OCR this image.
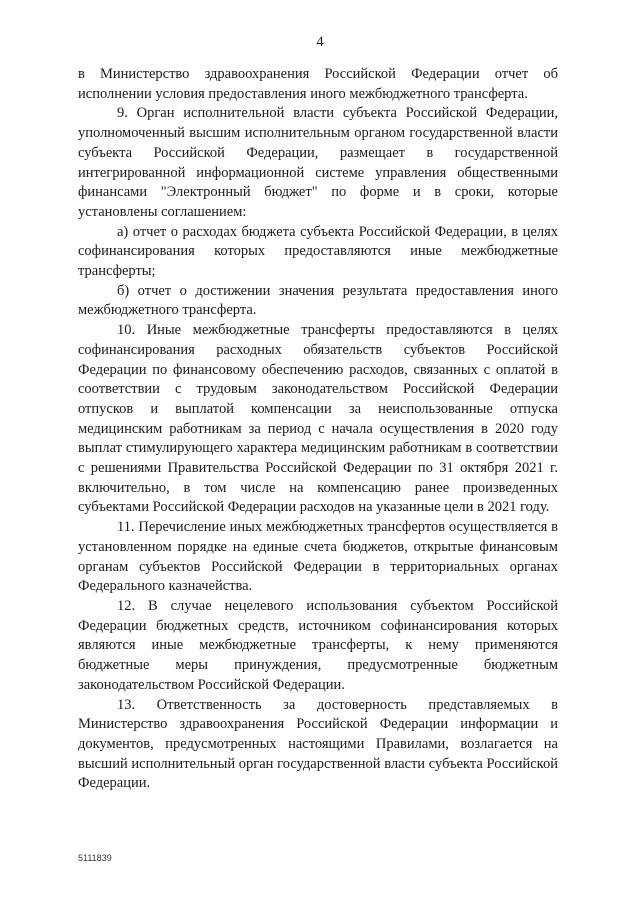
4

в Министерство здравоохранения Российской Федерации отчет об исполнении условия предоставления иного межбюджетного трансферта.

9. Орган исполнительной власти субъекта Российской Федерации, уполномоченный высшим исполнительным органом государственной власти субъекта Российской Федерации, размещает в государственной интегрированной информационной системе управления общественными финансами "Электронный бюджет" по форме и в сроки, которые установлены соглашением:

а) отчет о расходах бюджета субъекта Российской Федерации, в целях софинансирования которых предоставляются иные межбюджетные трансферты;

б) отчет о достижении значения результата предоставления иного межбюджетного трансферта.

10. Иные межбюджетные трансферты предоставляются в целях софинансирования расходных обязательств субъектов Российской Федерации по финансовому обеспечению расходов, связанных с оплатой в соответствии с трудовым законодательством Российской Федерации отпусков и выплатой компенсации за неиспользованные отпуска медицинским работникам за период с начала осуществления в 2020 году выплат стимулирующего характера медицинским работникам в соответствии с решениями Правительства Российской Федерации по 31 октября 2021 г. включительно, в том числе на компенсацию ранее произведенных субъектами Российской Федерации расходов на указанные цели в 2021 году.

11. Перечисление иных межбюджетных трансфертов осуществляется в установленном порядке на единые счета бюджетов, открытые финансовым органам субъектов Российской Федерации в территориальных органах Федерального казначейства.

12. В случае нецелевого использования субъектом Российской Федерации бюджетных средств, источником софинансирования которых являются иные межбюджетные трансферты, к нему применяются бюджетные меры принуждения, предусмотренные бюджетным законодательством Российской Федерации.

13. Ответственность за достоверность представляемых в Министерство здравоохранения Российской Федерации информации и документов, предусмотренных настоящими Правилами, возлагается на высший исполнительный орган государственной власти субъекта Российской Федерации.

5111839
